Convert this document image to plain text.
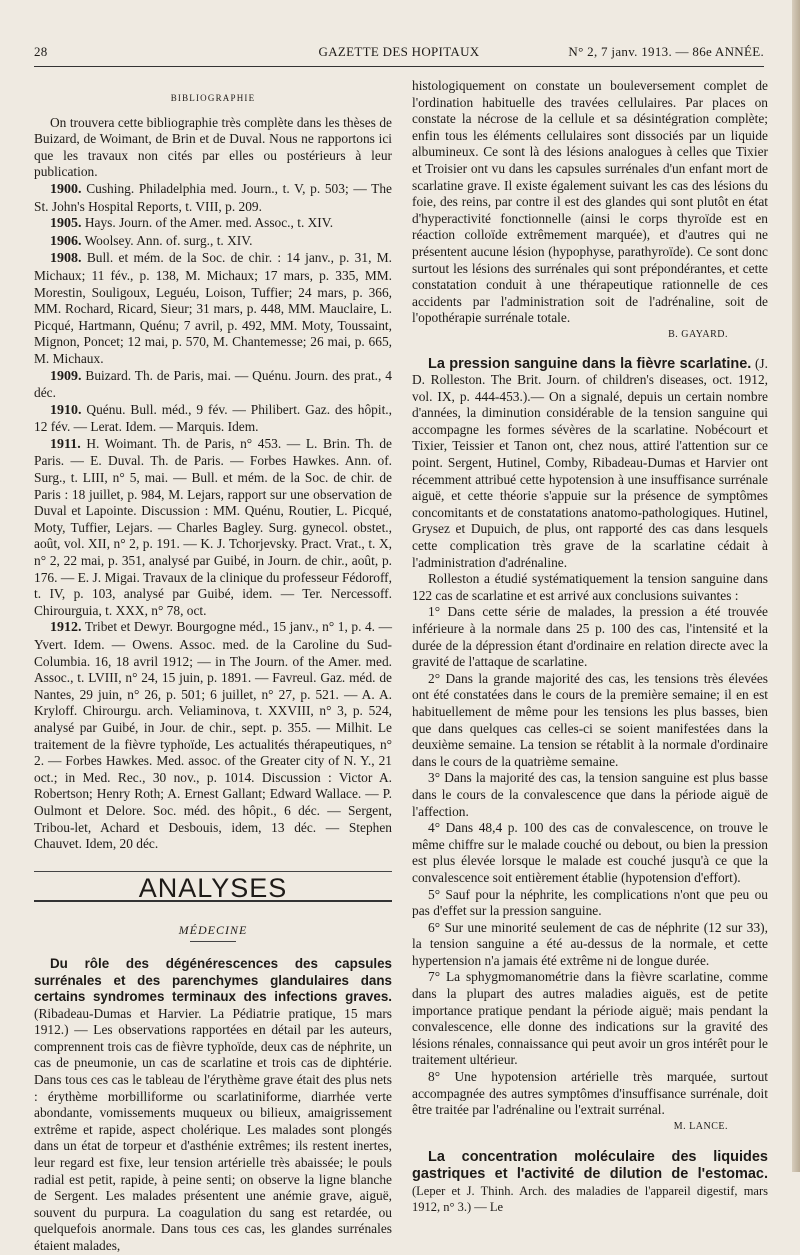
28	GAZETTE DES HOPITAUX	N° 2, 7 janv. 1913. — 86e ANNÉE.
BIBLIOGRAPHIE

On trouvera cette bibliographie très complète dans les thèses de Buizard, de Woimant, de Brin et de Duval. Nous ne rapportons ici que les travaux non cités par elles ou postérieurs à leur publication.

1900. Cushing. Philadelphia med. Journ., t. V, p. 503; — The St. John's Hospital Reports, t. VIII, p. 209.

1905. Hays. Journ. of the Amer. med. Assoc., t. XIV.

1906. Woolsey. Ann. of. surg., t. XIV.

1908. Bull. et mém. de la Soc. de chir. : 14 janv., p. 31, M. Michaux; 11 fév., p. 138, M. Michaux; 17 mars, p. 335, MM. Morestin, Souligoux, Leguéu, Loison, Tuffier; 24 mars, p. 366, MM. Rochard, Ricard, Sieur; 31 mars, p. 448, MM. Mauclaire, L. Picqué, Hartmann, Quénu; 7 avril, p. 492, MM. Moty, Toussaint, Mignon, Poncet; 12 mai, p. 570, M. Chantemesse; 26 mai, p. 665, M. Michaux.

1909. Buizard. Th. de Paris, mai. — Quénu. Journ. des prat., 4 déc.

1910. Quénu. Bull. méd., 9 fév. — Philibert. Gaz. des hôpit., 12 fév. — Lerat. Idem. — Marquis. Idem.

1911. H. Woimant. Th. de Paris, n° 453. — L. Brin. Th. de Paris. — E. Duval. Th. de Paris. — Forbes Hawkes. Ann. of. Surg., t. LIII, n° 5, mai. — Bull. et mém. de la Soc. de chir. de Paris : 18 juillet, p. 984, M. Lejars, rapport sur une observation de Duval et Lapointe. Discussion : MM. Quénu, Routier, L. Picqué, Moty, Tuffier, Lejars. — Charles Bagley. Surg. gynecol. obstet., août, vol. XII, n° 2, p. 191. — K. J. Tchorjevsky. Pract. Vrat., t. X, n° 2, 22 mai, p. 351, analysé par Guibé, in Journ. de chir., août, p. 176. — E. J. Migai. Travaux de la clinique du professeur Fédoroff, t. IV, p. 103, analysé par Guibé, idem. — Ter. Nercessoff. Chirourguia, t. XXX, n° 78, oct.

1912. Tribet et Dewyr. Bourgogne méd., 15 janv., n° 1, p. 4. — Yvert. Idem. — Owens. Assoc. med. de la Caroline du Sud-Columbia. 16, 18 avril 1912; — in The Journ. of the Amer. med. Assoc., t. LVIII, n° 24, 15 juin, p. 1891. — Favreul. Gaz. méd. de Nantes, 29 juin, n° 26, p. 501; 6 juillet, n° 27, p. 521. — A. A. Kryloff. Chirourgu. arch. Veliaminova, t. XXVIII, n° 3, p. 524, analysé par Guibé, in Jour. de chir., sept. p. 355. — Milhit. Le traitement de la fièvre typhoïde, Les actualités thérapeutiques, n° 2. — Forbes Hawkes. Med. assoc. of the Greater city of N. Y., 21 oct.; in Med. Rec., 30 nov., p. 1014. Discussion : Victor A. Robertson; Henry Roth; A. Ernest Gallant; Edward Wallace. — P. Oulmont et Delore. Soc. méd. des hôpit., 6 déc. — Sergent, Tribou-let, Achard et Desbouis, idem, 13 déc. — Stephen Chauvet. Idem, 20 déc.

ANALYSES
MÉDECINE

Du rôle des dégénérescences des capsules surrénales et des parenchymes glandulaires dans certains syndromes terminaux des infections graves. (Ribadeau-Dumas et Harvier. La Pédiatrie pratique, 15 mars 1912.) — Les observations rapportées en détail par les auteurs, comprennent trois cas de fièvre typhoïde, deux cas de néphrite, un cas de pneumonie, un cas de scarlatine et trois cas de diphtérie. Dans tous ces cas le tableau de l'érythème grave était des plus nets : érythème morbilliforme ou scarlatiniforme, diarrhée verte abondante, vomissements muqueux ou bilieux, amaigrissement extrême et rapide, aspect cholérique. Les malades sont plongés dans un état de torpeur et d'asthénie extrêmes; ils restent inertes, leur regard est fixe, leur tension artérielle très abaissée; le pouls radial est petit, rapide, à peine senti; on observe la ligne blanche de Sergent. Les malades présentent une anémie grave, aiguë, souvent du purpura. La coagulation du sang est retardée, ou quelquefois anormale. Dans tous ces cas, les glandes surrénales étaient malades,

histologiquement on constate un bouleversement complet de l'ordination habituelle des travées cellulaires. Par places on constate la nécrose de la cellule et sa désintégration complète; enfin tous les éléments cellulaires sont dissociés par un liquide albumineux. Ce sont là des lésions analogues à celles que Tixier et Troisier ont vu dans les capsules surrénales d'un enfant mort de scarlatine grave. Il existe également suivant les cas des lésions du foie, des reins, par contre il est des glandes qui sont plutôt en état d'hyperactivité fonctionnelle (ainsi le corps thyroïde est en réaction colloïde extrêmement marquée), et d'autres qui ne présentent aucune lésion (hypophyse, parathyroïde). Ce sont donc surtout les lésions des surrénales qui sont prépondérantes, et cette constatation conduit à une thérapeutique rationnelle de ces accidents par l'administration soit de l'adrénaline, soit de l'opothérapie surrénale totale.

B. GAYARD.

La pression sanguine dans la fièvre scarlatine. (J. D. Rolleston. The Brit. Journ. of children's diseases, oct. 1912, vol. IX, p. 444-453.).— On a signalé, depuis un certain nombre d'années, la diminution considérable de la tension sanguine qui accompagne les formes sévères de la scarlatine. Nobécourt et Tixier, Teissier et Tanon ont, chez nous, attiré l'attention sur ce point. Sergent, Hutinel, Comby, Ribadeau-Dumas et Harvier ont récemment attribué cette hypotension à une insuffisance surrénale aiguë, et cette théorie s'appuie sur la présence de symptômes concomitants et de constatations anatomo-pathologiques. Hutinel, Grysez et Dupuich, de plus, ont rapporté des cas dans lesquels cette complication très grave de la scarlatine cédait à l'administration d'adrénaline.

Rolleston a étudié systématiquement la tension sanguine dans 122 cas de scarlatine et est arrivé aux conclusions suivantes :

1° Dans cette série de malades, la pression a été trouvée inférieure à la normale dans 25 p. 100 des cas, l'intensité et la durée de la dépression étant d'ordinaire en relation directe avec la gravité de l'attaque de scarlatine.

2° Dans la grande majorité des cas, les tensions très élevées ont été constatées dans le cours de la première semaine; il en est habituellement de même pour les tensions les plus basses, bien que dans quelques cas celles-ci se soient manifestées dans la deuxième semaine. La tension se rétablit à la normale d'ordinaire dans le cours de la quatrième semaine.

3° Dans la majorité des cas, la tension sanguine est plus basse dans le cours de la convalescence que dans la période aiguë de l'affection.

4° Dans 48,4 p. 100 des cas de convalescence, on trouve le même chiffre sur le malade couché ou debout, ou bien la pression est plus élevée lorsque le malade est couché jusqu'à ce que la convalescence soit entièrement établie (hypotension d'effort).

5° Sauf pour la néphrite, les complications n'ont que peu ou pas d'effet sur la pression sanguine.

6° Sur une minorité seulement de cas de néphrite (12 sur 33), la tension sanguine a été au-dessus de la normale, et cette hypertension n'a jamais été extrême ni de longue durée.

7° La sphygmomanométrie dans la fièvre scarlatine, comme dans la plupart des autres maladies aiguës, est de petite importance pratique pendant la période aiguë; mais pendant la convalescence, elle donne des indications sur la gravité des lésions rénales, connaissance qui peut avoir un gros intérêt pour le traitement ultérieur.

8° Une hypotension artérielle très marquée, surtout accompagnée des autres symptômes d'insuffisance surrénale, doit être traitée par l'adrénaline ou l'extrait surrénal.

M. LANCE.

La concentration moléculaire des liquides gastriques et l'activité de dilution de l'estomac. (Leper et J. Thinh. Arch. des maladies de l'appareil digestif, mars 1912, n° 3.) — Le
